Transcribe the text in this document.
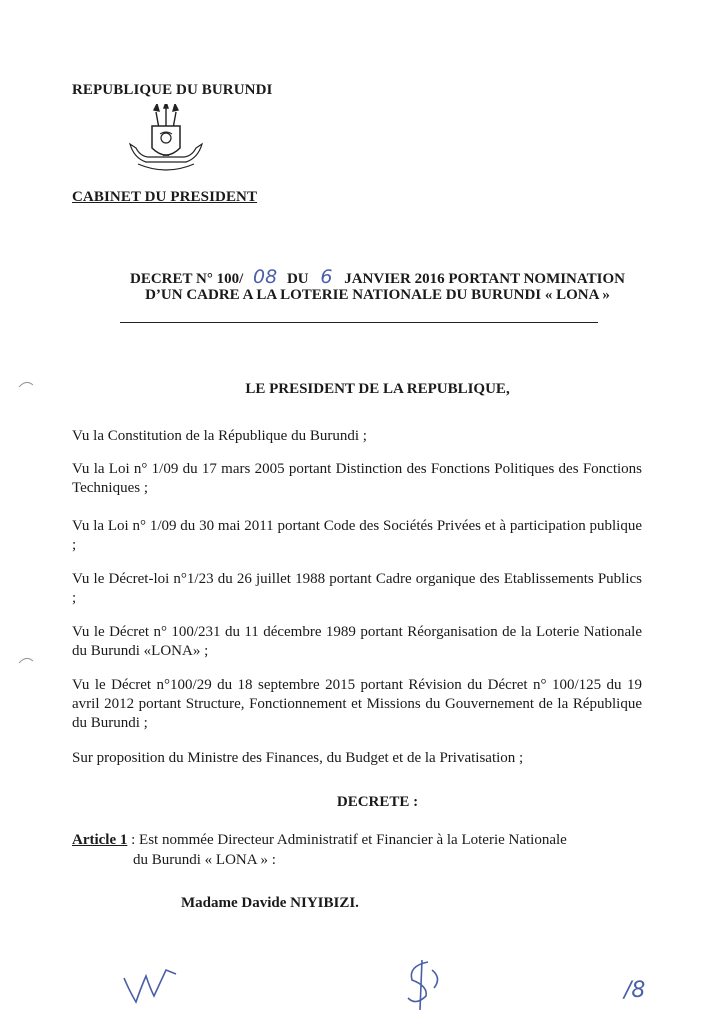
REPUBLIQUE DU BURUNDI
CABINET DU PRESIDENT
DECRET N° 100/ 08 DU 6 JANVIER 2016 PORTANT NOMINATION
D’UN CADRE A LA LOTERIE NATIONALE DU BURUNDI « LONA »
LE PRESIDENT DE LA REPUBLIQUE,
Vu la Constitution de la République du Burundi ;
Vu la Loi n° 1/09 du 17 mars 2005 portant Distinction des Fonctions Politiques des Fonctions Techniques ;
Vu la Loi n° 1/09 du 30 mai 2011 portant Code des Sociétés Privées et à participation publique ;
Vu le Décret-loi n°1/23 du 26 juillet 1988 portant Cadre organique des Etablissements Publics ;
Vu le Décret n° 100/231 du 11 décembre 1989 portant Réorganisation de la Loterie Nationale du Burundi «LONA» ;
Vu le Décret n°100/29 du 18 septembre 2015 portant Révision du Décret n° 100/125 du 19 avril 2012 portant Structure, Fonctionnement et Missions du Gouvernement de la République du Burundi ;
Sur proposition du Ministre des Finances, du Budget et de la Privatisation ;
DECRETE :
Article 1 : Est nommée Directeur Administratif et Financier à la Loterie Nationale
du Burundi « LONA » :
Madame Davide NIYIBIZI.
/8
